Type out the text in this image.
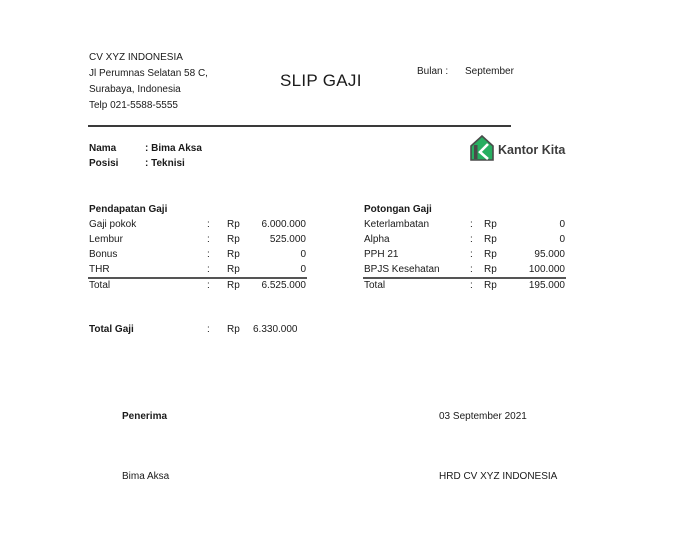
CV XYZ INDONESIA
Jl Perumnas Selatan 58 C,
Surabaya, Indonesia
Telp 021-5588-5555
SLIP GAJI	Bulan : September
Nama	: Bima Aksa
Posisi	: Teknisi
Kantor Kita
Pendapatan Gaji
Gaji pokok	: Rp	6.000.000
Lembur	: Rp	525.000
Bonus	: Rp	0
THR	: Rp	0
Total	: Rp	6.525.000
Potongan Gaji
Keterlambatan	: Rp	0
Alpha	: Rp	0
PPH 21	: Rp	95.000
BPJS Kesehatan	: Rp	100.000
Total	: Rp	195.000
Total Gaji	: Rp 6.330.000
Penerima	03 September 2021
Bima Aksa	HRD CV XYZ INDONESIA
